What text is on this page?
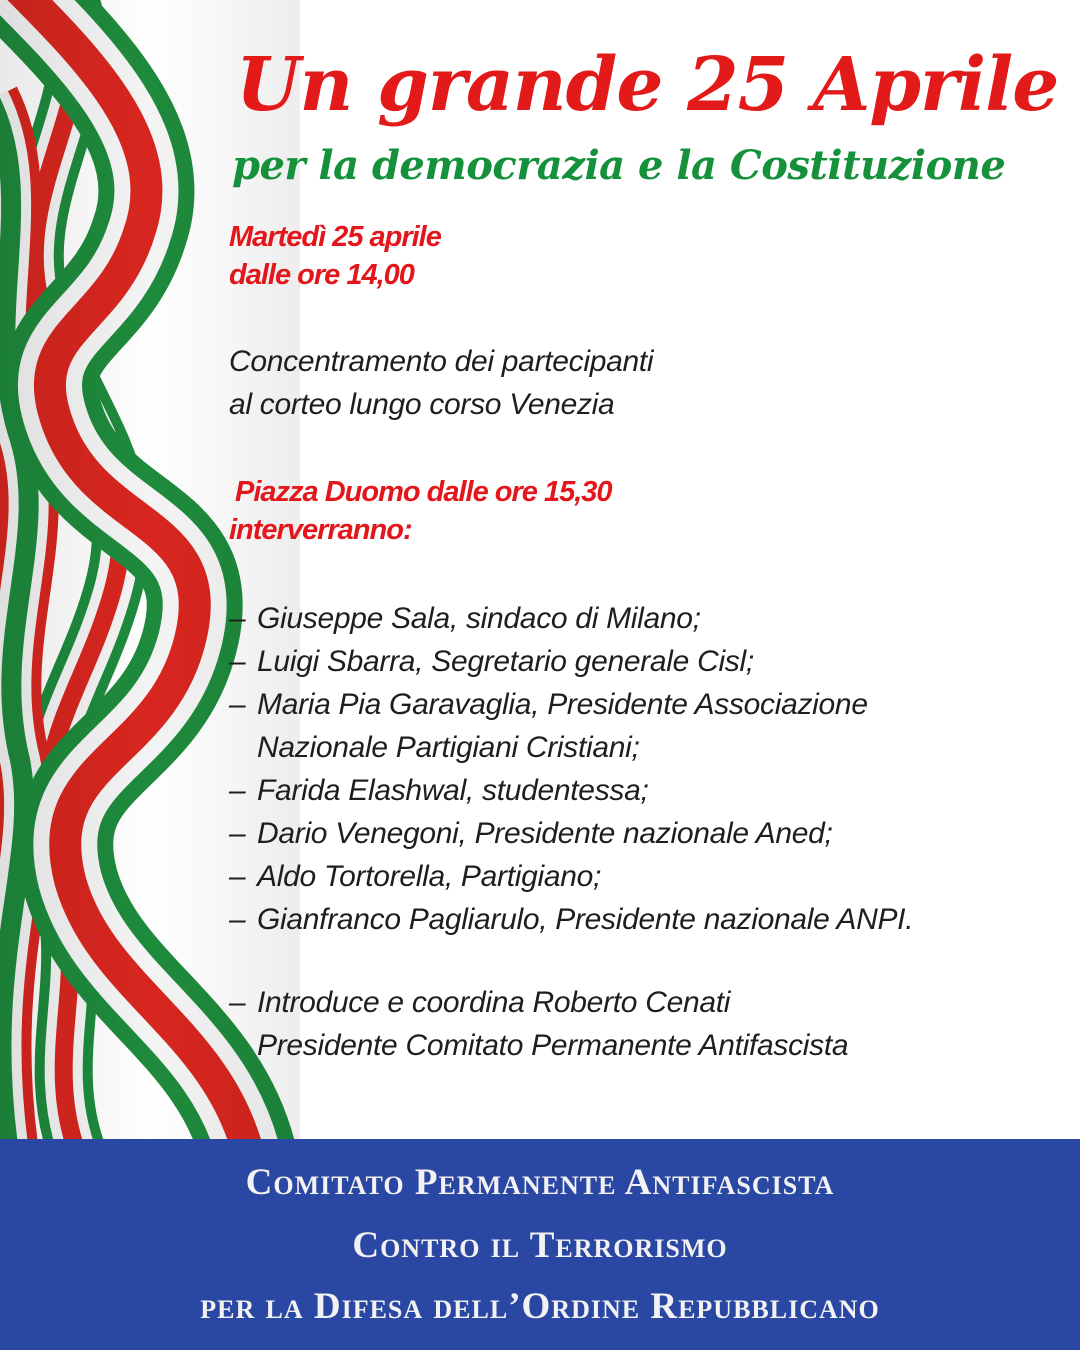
Un grande 25 Aprile
per la democrazia e la Costituzione
Martedì 25 aprile
dalle ore 14,00
Concentramento dei partecipanti
al corteo lungo corso Venezia
Piazza Duomo dalle ore 15,30
interverranno:
– Giuseppe Sala, sindaco di Milano;
– Luigi Sbarra, Segretario generale Cisl;
– Maria Pia Garavaglia, Presidente Associazione
Nazionale Partigiani Cristiani;
– Farida Elashwal, studentessa;
– Dario Venegoni, Presidente nazionale Aned;
– Aldo Tortorella, Partigiano;
– Gianfranco Pagliarulo, Presidente nazionale ANPI.
– Introduce e coordina Roberto Cenati
Presidente Comitato Permanente Antifascista

Comitato Permanente Antifascista

Contro il Terrorismo

per la Difesa dell’Ordine Repubblicano
